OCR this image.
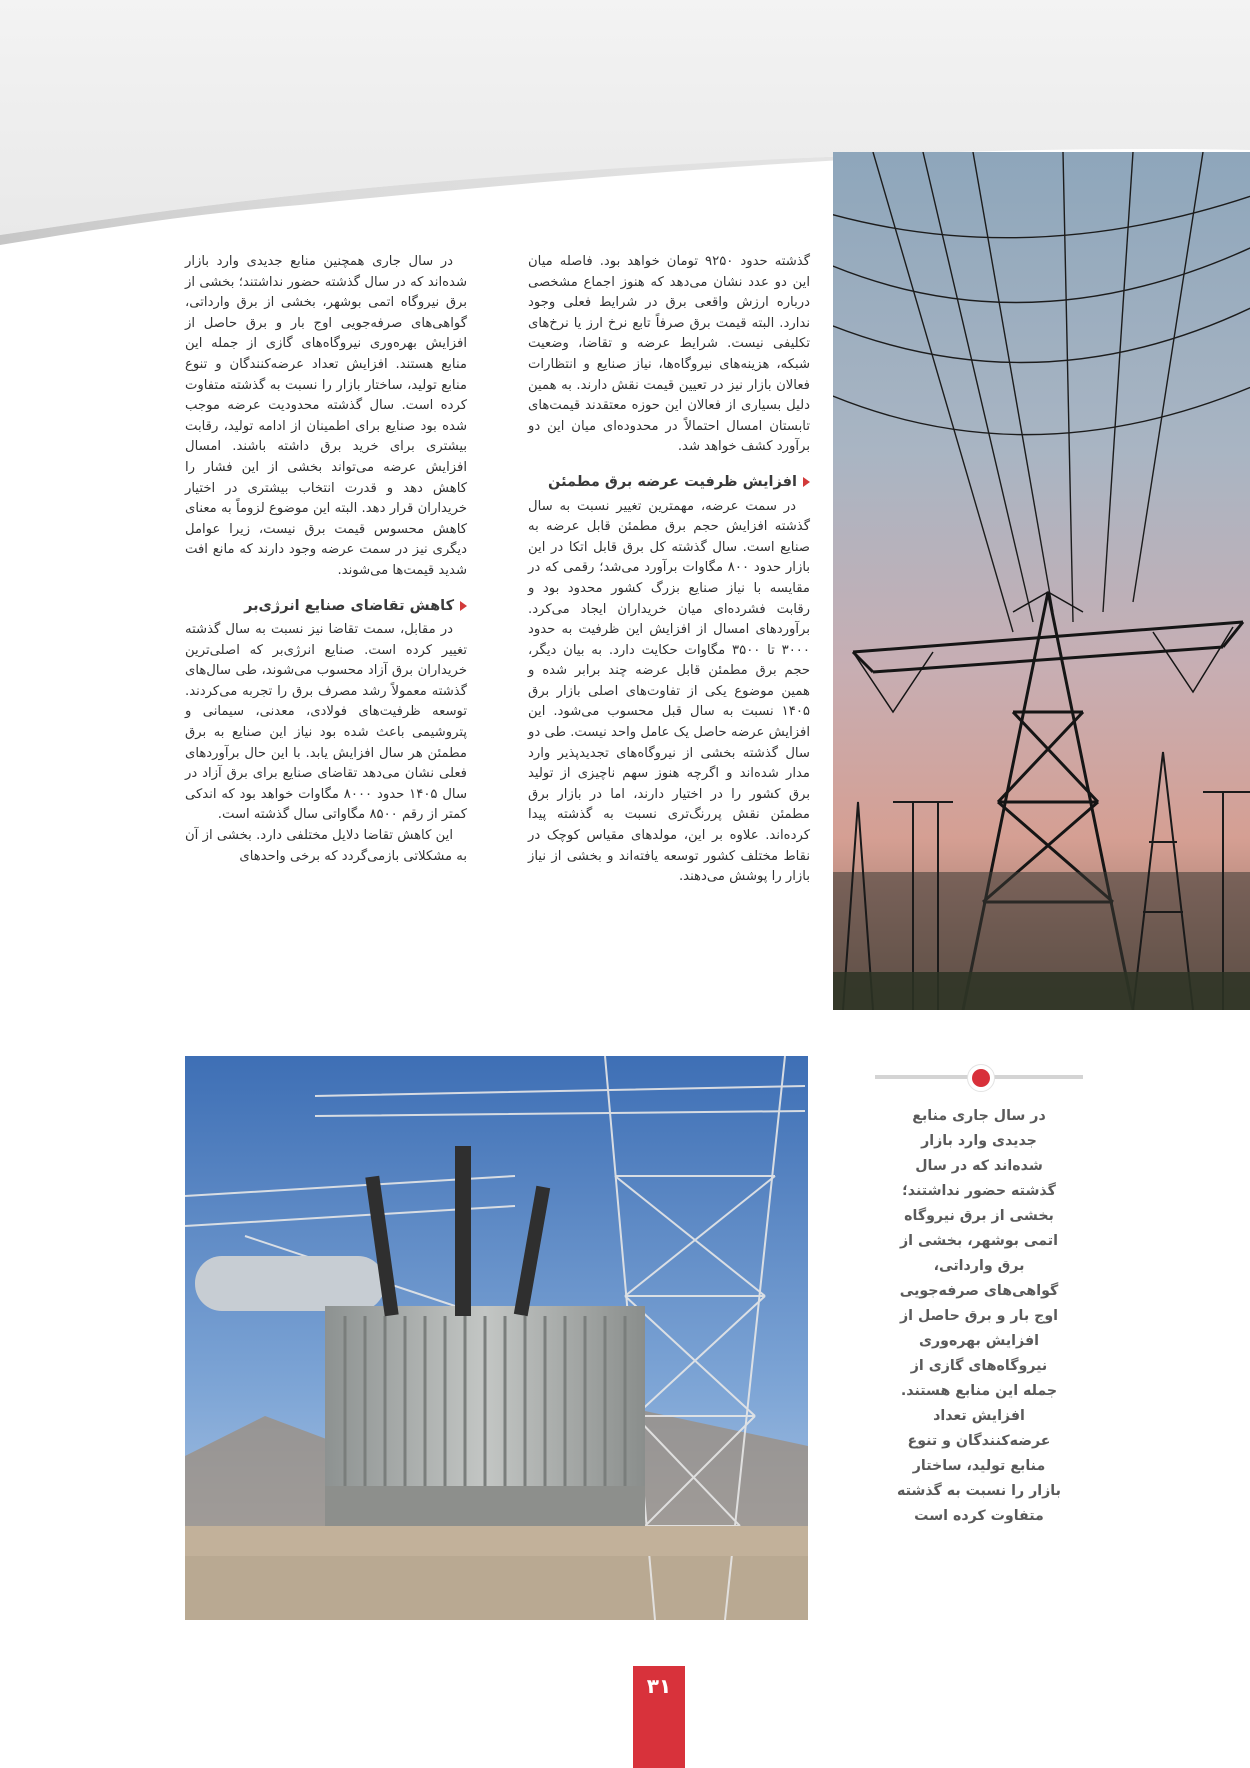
گذشته حدود ۹۲۵۰ تومان خواهد بود. فاصله میان این دو عدد نشان می‌دهد که هنوز اجماع مشخصی درباره ارزش واقعی برق در شرایط فعلی وجود ندارد. البته قیمت برق صرفاً تابع نرخ ارز یا نرخ‌های تکلیفی نیست. شرایط عرضه و تقاضا، وضعیت شبکه، هزینه‌های نیروگاه‌ها، نیاز صنایع و انتظارات فعالان بازار نیز در تعیین قیمت نقش دارند. به همین دلیل بسیاری از فعالان این حوزه معتقدند قیمت‌های تابستان امسال احتمالاً در محدوده‌ای میان این دو برآورد کشف خواهد شد.

افزایش ظرفیت عرضه برق مطمئن

در سمت عرضه، مهمترین تغییر نسبت به سال گذشته افزایش حجم برق مطمئن قابل عرضه به صنایع است. سال گذشته کل برق قابل اتکا در این بازار حدود ۸۰۰ مگاوات برآورد می‌شد؛ رقمی که در مقایسه با نیاز صنایع بزرگ کشور محدود بود و رقابت فشرده‌ای میان خریداران ایجاد می‌کرد. برآوردهای امسال از افزایش این ظرفیت به حدود ۳۰۰۰ تا ۳۵۰۰ مگاوات حکایت دارد. به بیان دیگر، حجم برق مطمئن قابل عرضه چند برابر شده و همین موضوع یکی از تفاوت‌های اصلی بازار برق ۱۴۰۵ نسبت به سال قبل محسوب می‌شود. این افزایش عرضه حاصل یک عامل واحد نیست. طی دو سال گذشته بخشی از نیروگاه‌های تجدیدپذیر وارد مدار شده‌اند و اگرچه هنوز سهم ناچیزی از تولید برق کشور را در اختیار دارند، اما در بازار برق مطمئن نقش پررنگ‌تری نسبت به گذشته پیدا کرده‌اند. علاوه بر این، مولدهای مقیاس کوچک در نقاط مختلف کشور توسعه یافته‌اند و بخشی از نیاز بازار را پوشش می‌دهند.

در سال جاری همچنین منابع جدیدی وارد بازار شده‌اند که در سال گذشته حضور نداشتند؛ بخشی از برق نیروگاه اتمی بوشهر، بخشی از برق وارداتی، گواهی‌های صرفه‌جویی اوج بار و برق حاصل از افزایش بهره‌وری نیروگاه‌های گازی از جمله این منابع هستند. افزایش تعداد عرضه‌کنندگان و تنوع منابع تولید، ساختار بازار را نسبت به گذشته متفاوت کرده است. سال گذشته محدودیت عرضه موجب شده بود صنایع برای اطمینان از ادامه تولید، رقابت بیشتری برای خرید برق داشته باشند. امسال افزایش عرضه می‌تواند بخشی از این فشار را کاهش دهد و قدرت انتخاب بیشتری در اختیار خریداران قرار دهد. البته این موضوع لزوماً به معنای کاهش محسوس قیمت برق نیست، زیرا عوامل دیگری نیز در سمت عرضه وجود دارند که مانع افت شدید قیمت‌ها می‌شوند.

کاهش تقاضای صنایع انرژی‌بر

در مقابل، سمت تقاضا نیز نسبت به سال گذشته تغییر کرده است. صنایع انرژی‌بر که اصلی‌ترین خریداران برق آزاد محسوب می‌شوند، طی سال‌های گذشته معمولاً رشد مصرف برق را تجربه می‌کردند. توسعه ظرفیت‌های فولادی، معدنی، سیمانی و پتروشیمی باعث شده بود نیاز این صنایع به برق مطمئن هر سال افزایش یابد. با این حال برآوردهای فعلی نشان می‌دهد تقاضای صنایع برای برق آزاد در سال ۱۴۰۵ حدود ۸۰۰۰ مگاوات خواهد بود که اندکی کمتر از رقم ۸۵۰۰ مگاواتی سال گذشته است.

این کاهش تقاضا دلایل مختلفی دارد. بخشی از آن به مشکلاتی بازمی‌گردد که برخی واحدهای

در سال جاری منابع جدیدی وارد بازار شده‌اند که در سال گذشته حضور نداشتند؛ بخشی از برق نیروگاه اتمی بوشهر، بخشی از برق وارداتی، گواهی‌های صرفه‌جویی اوج بار و برق حاصل از افزایش بهره‌وری نیروگاه‌های گازی از جمله این منابع هستند. افزایش تعداد عرضه‌کنندگان و تنوع منابع تولید، ساختار بازار را نسبت به گذشته متفاوت کرده است
۳۱
